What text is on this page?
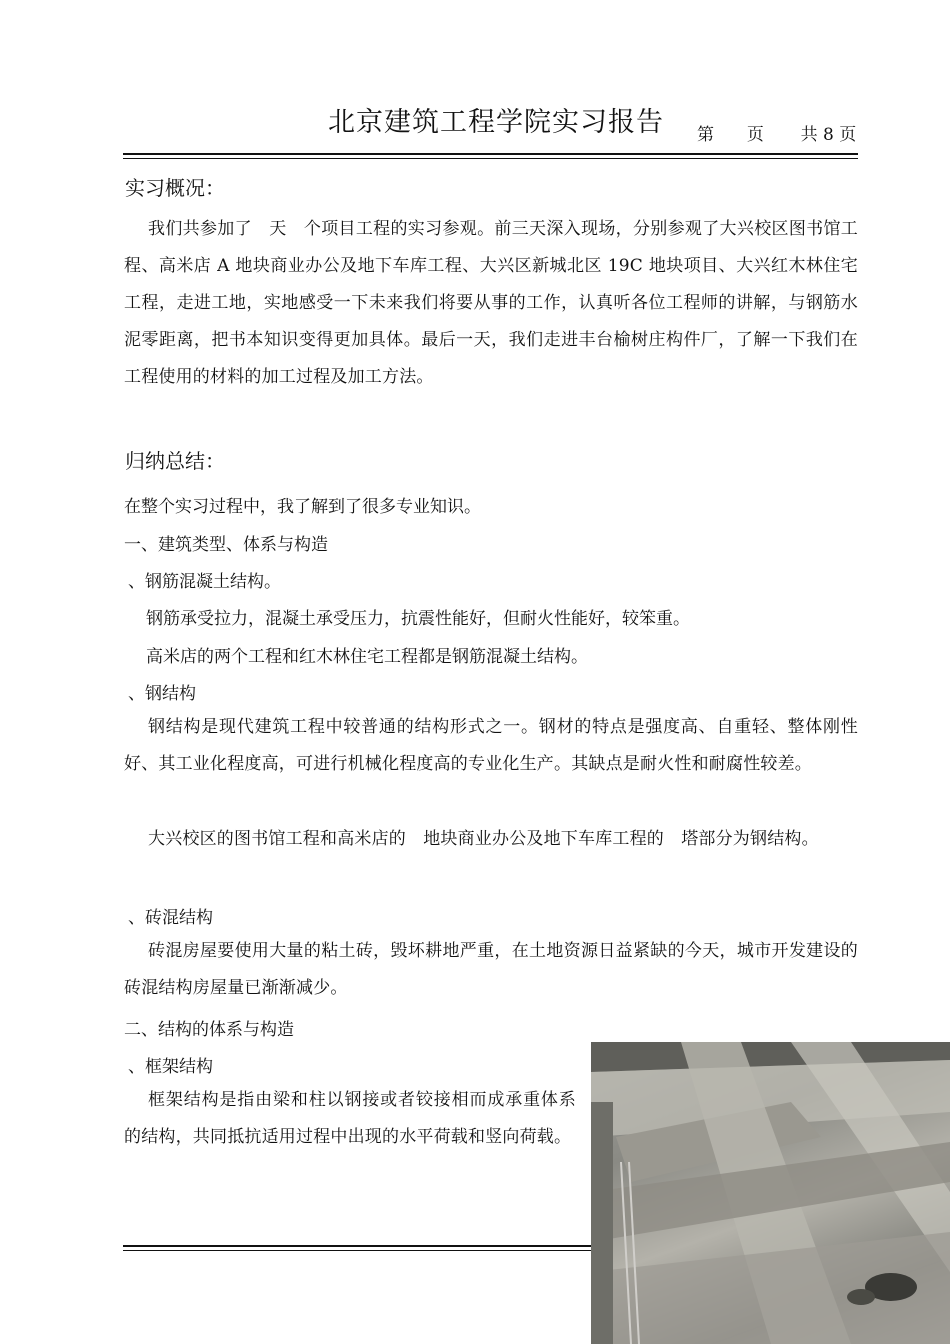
北京建筑工程学院实习报告 第 页 共 8 页
实习概况：
我们共参加了　天　个项目工程的实习参观。前三天深入现场，分别参观了大兴校区图书馆工程、高米店 A 地块商业办公及地下车库工程、大兴区新城北区 19C 地块项目、大兴红木林住宅工程，走进工地，实地感受一下未来我们将要从事的工作，认真听各位工程师的讲解，与钢筋水泥零距离，把书本知识变得更加具体。最后一天，我们走进丰台榆树庄构件厂，了解一下我们在工程使用的材料的加工过程及加工方法。
归纳总结：
在整个实习过程中，我了解到了很多专业知识。
一、建筑类型、体系与构造
、钢筋混凝土结构。
钢筋承受拉力，混凝土承受压力，抗震性能好，但耐火性能好，较笨重。
高米店的两个工程和红木林住宅工程都是钢筋混凝土结构。
、钢结构
钢结构是现代建筑工程中较普通的结构形式之一。钢材的特点是强度高、自重轻、整体刚性好、其工业化程度高，可进行机械化程度高的专业化生产。其缺点是耐火性和耐腐性较差。
大兴校区的图书馆工程和高米店的　地块商业办公及地下车库工程的　塔部分为钢结构。
、砖混结构
砖混房屋要使用大量的粘土砖，毁坏耕地严重，在土地资源日益紧缺的今天，城市开发建设的砖混结构房屋量已渐渐减少。
二、结构的体系与构造
、框架结构
框架结构是指由梁和柱以钢接或者铰接相而成承重体系的结构，共同抵抗适用过程中出现的水平荷载和竖向荷载。
